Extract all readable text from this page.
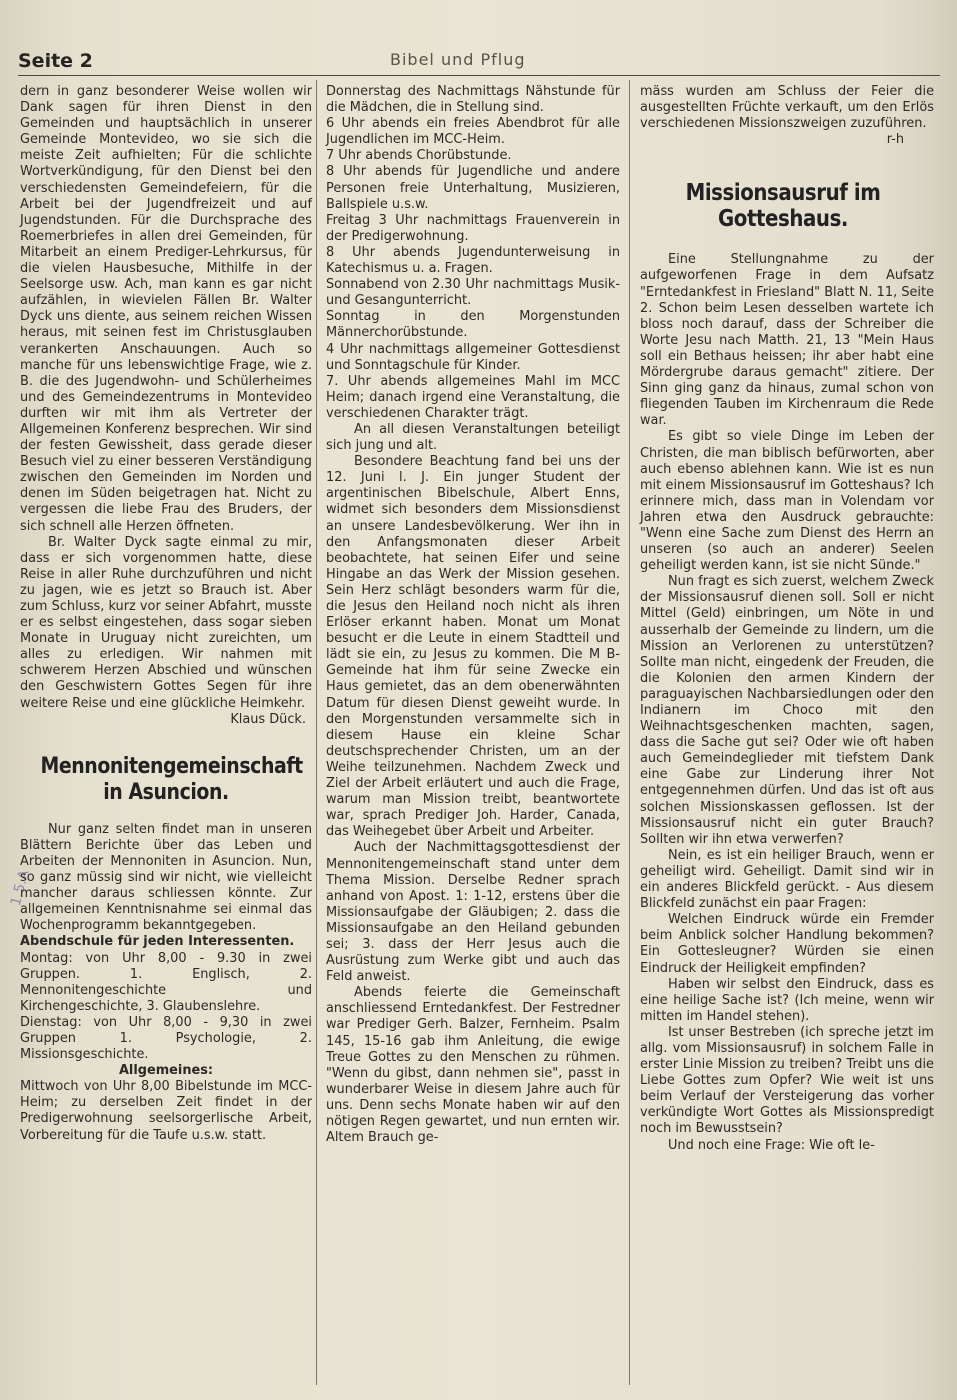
Seite 2	Bibel und Pflug
1.5.A

dern in ganz besonderer Weise wollen wir Dank sagen für ihren Dienst in den Gemeinden und hauptsächlich in unserer Gemeinde Montevideo, wo sie sich die meiste Zeit aufhielten; Für die schlichte Wortverkündigung, für den Dienst bei den verschiedensten Gemeindefeiern, für die Arbeit bei der Jugendfreizeit und auf Jugendstunden. Für die Durchsprache des Roemerbriefes in allen drei Gemeinden, für Mitarbeit an einem Prediger-Lehrkursus, für die vielen Hausbesuche, Mithilfe in der Seelsorge usw. Ach, man kann es gar nicht aufzählen, in wievielen Fällen Br. Walter Dyck uns diente, aus seinem reichen Wissen heraus, mit seinen fest im Christusglauben verankerten Anschauungen. Auch so manche für uns lebenswichtige Frage, wie z. B. die des Jugendwohn- und Schülerheimes und des Gemeindezentrums in Montevideo durften wir mit ihm als Vertreter der Allgemeinen Konferenz besprechen. Wir sind der festen Gewissheit, dass gerade dieser Besuch viel zu einer besseren Verständigung zwischen den Gemeinden im Norden und denen im Süden beigetragen hat. Nicht zu vergessen die liebe Frau des Bruders, der sich schnell alle Herzen öffneten.

Br. Walter Dyck sagte einmal zu mir, dass er sich vorgenommen hatte, diese Reise in aller Ruhe durchzuführen und nicht zu jagen, wie es jetzt so Brauch ist. Aber zum Schluss, kurz vor seiner Abfahrt, musste er es selbst eingestehen, dass sogar sieben Monate in Uruguay nicht zureichten, um alles zu erledigen. Wir nahmen mit schwerem Herzen Abschied und wünschen den Geschwistern Gottes Segen für ihre weitere Reise und eine glückliche Heimkehr.

Klaus Dück.

Mennonitengemeinschaft in Asuncion.

Nur ganz selten findet man in unseren Blättern Berichte über das Leben und Arbeiten der Mennoniten in Asuncion. Nun, so ganz müssig sind wir nicht, wie vielleicht mancher daraus schliessen könnte. Zur allgemeinen Kenntnisnahme sei einmal das Wochenprogramm bekanntgegeben.

Abendschule für jeden Interessenten.

Montag: von Uhr 8,00 - 9.30 in zwei Gruppen. 1. Englisch, 2. Mennonitengeschichte und Kirchengeschichte, 3. Glaubenslehre.

Dienstag: von Uhr 8,00 - 9,30 in zwei Gruppen 1. Psychologie, 2. Missionsgeschichte.

Allgemeines:

Mittwoch von Uhr 8,00 Bibelstunde im MCC-Heim; zu derselben Zeit findet in der Predigerwohnung seelsorgerlische Arbeit, Vorbereitung für die Taufe u.s.w. statt.

Donnerstag des Nachmittags Nähstunde für die Mädchen, die in Stellung sind.

6 Uhr abends ein freies Abendbrot für alle Jugendlichen im MCC-Heim.

7 Uhr abends Chorübstunde.

8 Uhr abends für Jugendliche und andere Personen freie Unterhaltung, Musizieren, Ballspiele u.s.w.

Freitag 3 Uhr nachmittags Frauenverein in der Predigerwohnung.

8 Uhr abends Jugendunterweisung in Katechismus u. a. Fragen.

Sonnabend von 2.30 Uhr nachmittags Musik- und Gesangunterricht.

Sonntag in den Morgenstunden Männerchorübstunde.

4 Uhr nachmittags allgemeiner Gottesdienst und Sonntagschule für Kinder.

7. Uhr abends allgemeines Mahl im MCC Heim; danach irgend eine Veranstaltung, die verschiedenen Charakter trägt.

An all diesen Veranstaltungen beteiligt sich jung und alt.

Besondere Beachtung fand bei uns der 12. Juni l. J. Ein junger Student der argentinischen Bibelschule, Albert Enns, widmet sich besonders dem Missionsdienst an unsere Landesbevölkerung. Wer ihn in den Anfangsmonaten dieser Arbeit beobachtete, hat seinen Eifer und seine Hingabe an das Werk der Mission gesehen. Sein Herz schlägt besonders warm für die, die Jesus den Heiland noch nicht als ihren Erlöser erkannt haben. Monat um Monat besucht er die Leute in einem Stadtteil und lädt sie ein, zu Jesus zu kommen. Die M B-Gemeinde hat ihm für seine Zwecke ein Haus gemietet, das an dem obenerwähnten Datum für diesen Dienst geweiht wurde. In den Morgenstunden versammelte sich in diesem Hause ein kleine Schar deutschsprechender Christen, um an der Weihe teilzunehmen. Nachdem Zweck und Ziel der Arbeit erläutert und auch die Frage, warum man Mission treibt, beantwortete war, sprach Prediger Joh. Harder, Canada, das Weihegebet über Arbeit und Arbeiter.

Auch der Nachmittagsgottesdienst der Mennonitengemeinschaft stand unter dem Thema Mission. Derselbe Redner sprach anhand von Apost. 1: 1-12, erstens über die Missionsaufgabe der Gläubigen; 2. dass die Missionsaufgabe an den Heiland gebunden sei; 3. dass der Herr Jesus auch die Ausrüstung zum Werke gibt und auch das Feld anweist.

Abends feierte die Gemeinschaft anschliessend Erntedankfest. Der Festredner war Prediger Gerh. Balzer, Fernheim. Psalm 145, 15-16 gab ihm Anleitung, die ewige Treue Gottes zu den Menschen zu rühmen. "Wenn du gibst, dann nehmen sie", passt in wunderbarer Weise in diesem Jahre auch für uns. Denn sechs Monate haben wir auf den nötigen Regen gewartet, und nun ernten wir. Altem Brauch ge-

mäss wurden am Schluss der Feier die ausgestellten Früchte verkauft, um den Erlös verschiedenen Missionszweigen zuzuführen.

r-h

Missionsausruf im Gotteshaus.

Eine Stellungnahme zu der aufgeworfenen Frage in dem Aufsatz "Erntedankfest in Friesland" Blatt N. 11, Seite 2. Schon beim Lesen desselben wartete ich bloss noch darauf, dass der Schreiber die Worte Jesu nach Matth. 21, 13 "Mein Haus soll ein Bethaus heissen; ihr aber habt eine Mördergrube daraus gemacht" zitiere. Der Sinn ging ganz da hinaus, zumal schon von fliegenden Tauben im Kirchenraum die Rede war.

Es gibt so viele Dinge im Leben der Christen, die man biblisch befürworten, aber auch ebenso ablehnen kann. Wie ist es nun mit einem Missionsausruf im Gotteshaus? Ich erinnere mich, dass man in Volendam vor Jahren etwa den Ausdruck gebrauchte: "Wenn eine Sache zum Dienst des Herrn an unseren (so auch an anderer) Seelen geheiligt werden kann, ist sie nicht Sünde."

Nun fragt es sich zuerst, welchem Zweck der Missionsausruf dienen soll. Soll er nicht Mittel (Geld) einbringen, um Nöte in und ausserhalb der Gemeinde zu lindern, um die Mission an Verlorenen zu unterstützen? Sollte man nicht, eingedenk der Freuden, die die Kolonien den armen Kindern der paraguayischen Nachbarsiedlungen oder den Indianern im Choco mit den Weihnachtsgeschenken machten, sagen, dass die Sache gut sei? Oder wie oft haben auch Gemeindeglieder mit tiefstem Dank eine Gabe zur Linderung ihrer Not entgegennehmen dürfen. Und das ist oft aus solchen Missionskassen geflossen. Ist der Missionsausruf nicht ein guter Brauch? Sollten wir ihn etwa verwerfen?

Nein, es ist ein heiliger Brauch, wenn er geheiligt wird. Geheiligt. Damit sind wir in ein anderes Blickfeld gerückt. - Aus diesem Blickfeld zunächst ein paar Fragen:

Welchen Eindruck würde ein Fremder beim Anblick solcher Handlung bekommen? Ein Gottesleugner? Würden sie einen Eindruck der Heiligkeit empfinden?

Haben wir selbst den Eindruck, dass es eine heilige Sache ist? (Ich meine, wenn wir mitten im Handel stehen).

Ist unser Bestreben (ich spreche jetzt im allg. vom Missionsausruf) in solchem Falle in erster Linie Mission zu treiben? Treibt uns die Liebe Gottes zum Opfer? Wie weit ist uns beim Verlauf der Versteigerung das vorher verkündigte Wort Gottes als Missionspredigt noch im Bewusstsein?

Und noch eine Frage: Wie oft le-
